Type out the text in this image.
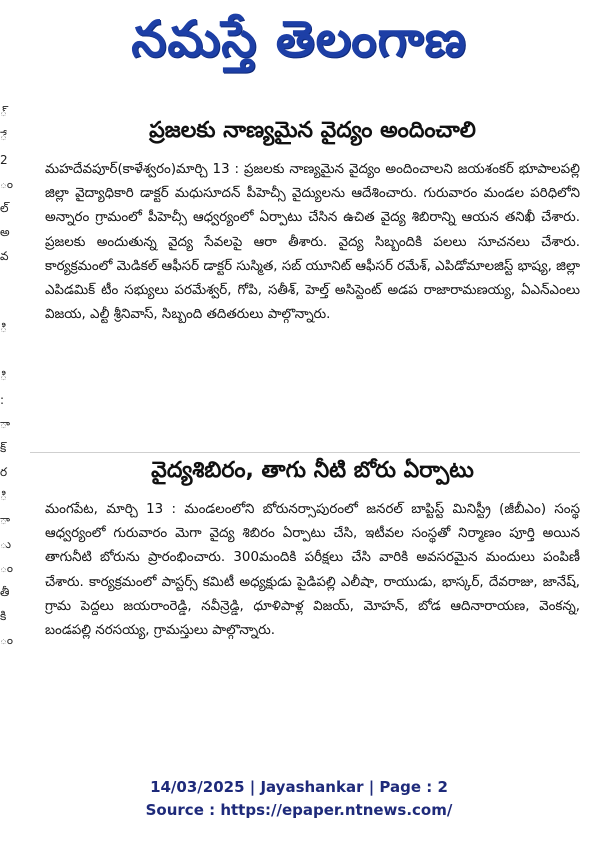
నమస్తే తెలంగాణ
్
ే
2
ం
ల్
అ
వ
ి
ి
:
ా
క్
ర
ి
ా
ు
ం
తీ
కి
ం
ప్రజలకు నాణ్యమైన వైద్యం అందించాలి
మహదేవపూర్(కాళేశ్వరం)మార్చి 13 : ప్రజలకు నాణ్యమైన వైద్యం అందించాలని జయశంకర్ భూపాలపల్లి జిల్లా వైద్యాధికారి డాక్టర్ మధుసూదన్ పీహెచ్సీ వైద్యులను ఆదేశించారు. గురువారం మండల పరిధిలోని అన్నారం గ్రామంలో పీహెచ్సీ ఆధ్వర్యంలో ఏర్పాటు చేసిన ఉచిత వైద్య శిబిరాన్ని ఆయన తనిఖీ చేశారు. ప్రజలకు అందుతున్న వైద్య సేవలపై ఆరా తీశారు. వైద్య సిబ్బందికి పలలు సూచనలు చేశారు. కార్యక్రమంలో మెడికల్ ఆఫీసర్ డాక్టర్ సుస్మిత, సబ్ యూనిట్ ఆఫీసర్ రమేశ్, ఎపిడోమాలజిస్ట్ భాష్య, జిల్లా ఎపిడమిక్ టీం సభ్యులు పరమేశ్వర్, గోపి, సతీశ్, హెల్త్ అసిస్టెంట్ అడప రాజారామణయ్య, ఏఎన్ఎంలు విజయ, ఎల్టీ శ్రీనివాస్, సిబ్బంది తదితరులు పాల్గొన్నారు.
వైద్యశిబిరం, తాగు నీటి బోరు ఏర్పాటు
మంగపేట, మార్చి 13 : మండలంలోని బోరునర్సాపురంలో జనరల్ బాప్టిస్ట్ మినిస్ట్రీ (జీబీఎం) సంస్థ ఆధ్వర్యంలో గురువారం మెగా వైద్య శిబిరం ఏర్పాటు చేసి, ఇటీవల సంస్థతో నిర్మాణం పూర్తి అయిన తాగునీటి బోరును ప్రారంభించారు. 300మందికి పరీక్షలు చేసి వారికి అవసరమైన మందులు పంపిణీ చేశారు. కార్యక్రమంలో పాస్టర్స్ కమిటీ అధ్యక్షుడు పైడిపల్లి ఎలీషా, రాయుడు, భాస్కర్, దేవరాజు, జానేష్, గ్రామ పెద్దలు జయరాంరెడ్డి, నవీన్రెడ్డి, ధూళిపాళ్ల విజయ్, మోహన్, బోడ ఆదినారాయణ, వెంకన్న, బండపల్లి నరసయ్య, గ్రామస్తులు పాల్గొన్నారు.
14/03/2025 | Jayashankar | Page : 2
Source : https://epaper.ntnews.com/
